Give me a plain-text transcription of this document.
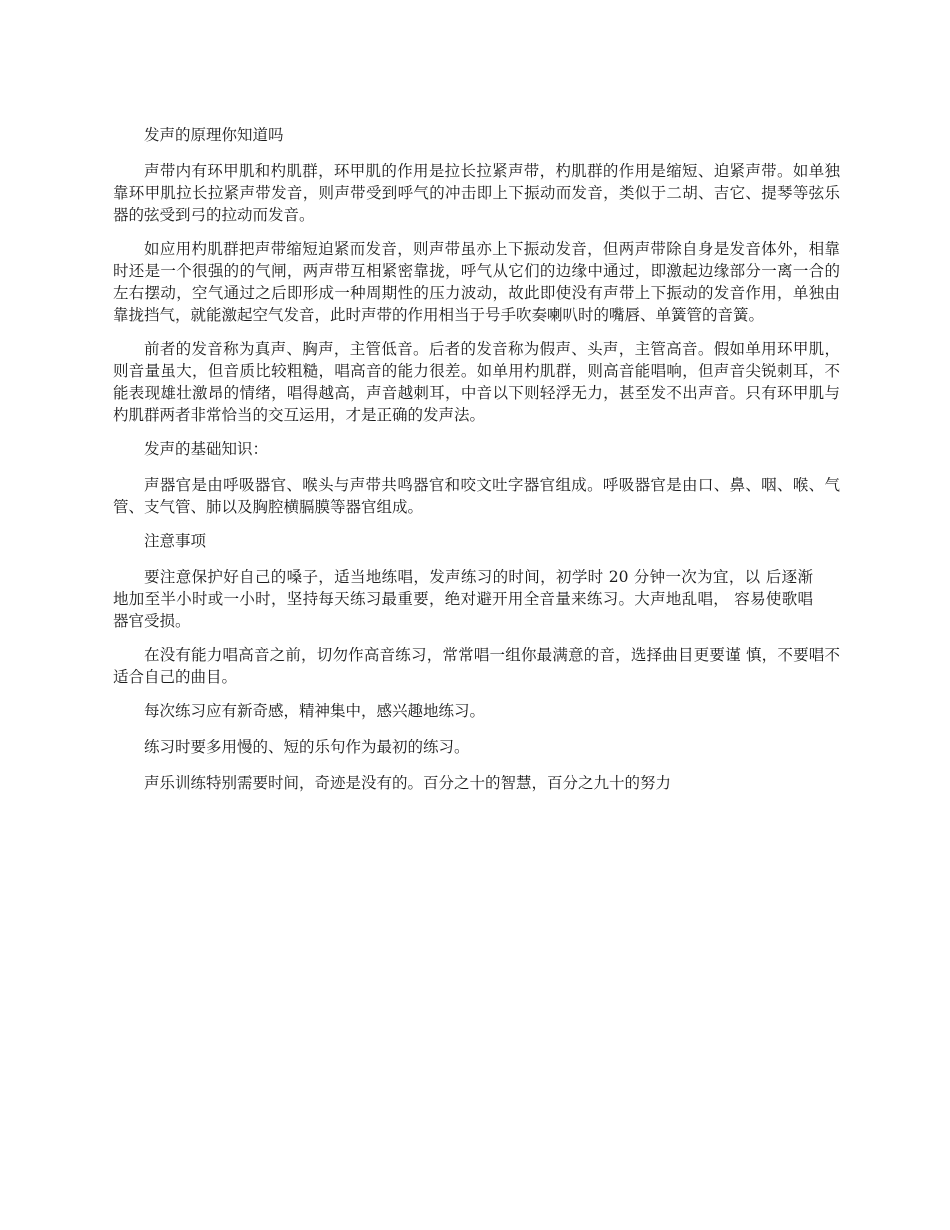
发声的原理你知道吗

声带内有环甲肌和杓肌群，环甲肌的作用是拉长拉紧声带，杓肌群的作用是缩短、迫紧声带。如单独靠环甲肌拉长拉紧声带发音，则声带受到呼气的冲击即上下振动而发音，类似于二胡、吉它、提琴等弦乐器的弦受到弓的拉动而发音。

如应用杓肌群把声带缩短迫紧而发音，则声带虽亦上下振动发音，但两声带除自身是发音体外，相靠时还是一个很强的的气闸，两声带互相紧密靠拢，呼气从它们的边缘中通过，即激起边缘部分一离一合的左右摆动，空气通过之后即形成一种周期性的压力波动，故此即使没有声带上下振动的发音作用，单独由靠拢挡气，就能激起空气发音，此时声带的作用相当于号手吹奏喇叭时的嘴唇、单簧管的音簧。

前者的发音称为真声、胸声，主管低音。后者的发音称为假声、头声，主管高音。假如单用环甲肌，则音量虽大，但音质比较粗糙，唱高音的能力很差。如单用杓肌群，则高音能唱响，但声音尖锐刺耳，不能表现雄壮激昂的情绪，唱得越高，声音越刺耳，中音以下则轻浮无力，甚至发不出声音。只有环甲肌与杓肌群两者非常恰当的交互运用，才是正确的发声法。

发声的基础知识：

声器官是由呼吸器官、喉头与声带共鸣器官和咬文吐字器官组成。呼吸器官是由口、鼻、咽、喉、气管、支气管、肺以及胸腔横膈膜等器官组成。

注意事项

要注意保护好自己的嗓子，适当地练唱，发声练习的时间，初学时 20 分钟一次为宜，以 后逐渐地加至半小时或一小时，坚持每天练习最重要，绝对避开用全音量来练习。大声地乱唱， 容易使歌唱器官受损。

在没有能力唱高音之前，切勿作高音练习，常常唱一组你最满意的音，选择曲目更要谨 慎，不要唱不适合自己的曲目。

每次练习应有新奇感，精神集中，感兴趣地练习。

练习时要多用慢的、短的乐句作为最初的练习。

声乐训练特别需要时间，奇迹是没有的。百分之十的智慧，百分之九十的努力
